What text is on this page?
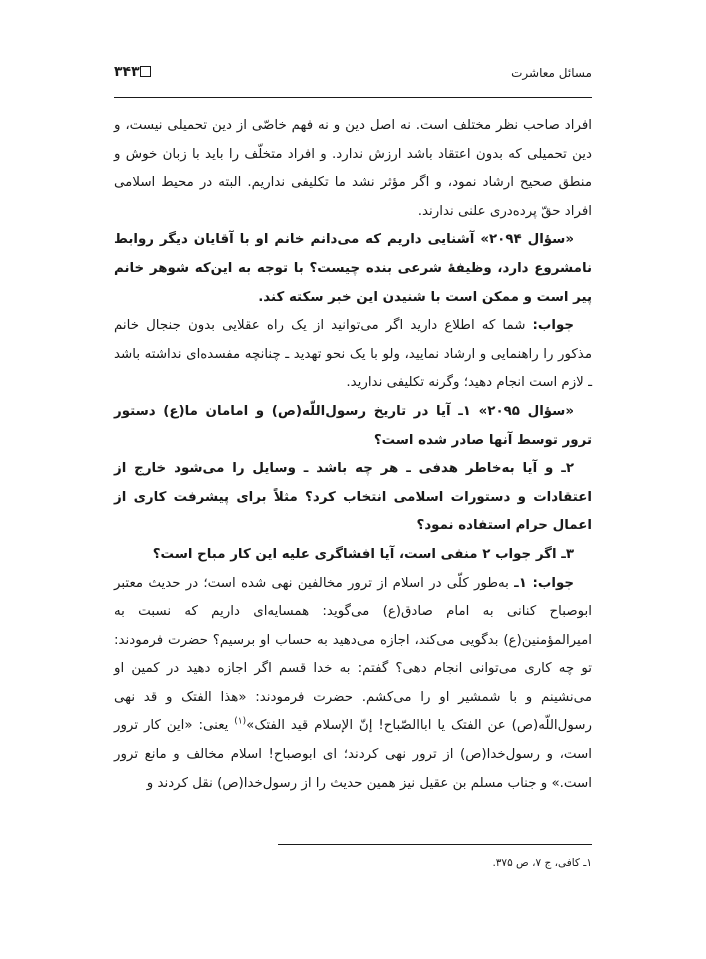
مسائل معاشرت
۳۴۳

افراد صاحب نظر مختلف است. نه اصل دین و نه فهم خاصّی از دین تحمیلی نیست، و دین تحمیلی که بدون اعتقاد باشد ارزش ندارد. و افراد متخلّف را باید با زبان خوش و منطق صحیح ارشاد نمود، و اگر مؤثر نشد ما تکلیفی نداریم. البته در محیط اسلامی افراد حقّ پرده‌دری علنی ندارند.

«سؤال ۲۰۹۴» آشنایی داریم که می‌دانم خانم او با آقایان دیگر روابط نامشروع دارد، وظیفهٔ شرعی بنده چیست؟ با توجه به این‌که شوهر خانم پیر است و ممکن است با شنیدن این خبر سکته کند.

جواب: شما که اطلاع دارید اگر می‌توانید از یک راه عقلایی بدون جنجال خانم مذکور را راهنمایی و ارشاد نمایید، ولو با یک نحو تهدید ـ چنانچه مفسده‌ای نداشته باشد ـ لازم است انجام دهید؛ وگرنه تکلیفی ندارید.

«سؤال ۲۰۹۵» ۱ـ آیا در تاریخ رسول‌اللّه(ص) و امامان ما(ع) دستور ترور توسط آنها صادر شده است؟

۲ـ و آیا به‌خاطر هدفی ـ هر چه باشد ـ وسایل را می‌شود خارج از اعتقادات و دستورات اسلامی انتخاب کرد؟ مثلاً برای پیشرفت کاری از اعمال حرام استفاده نمود؟

۳ـ اگر جواب ۲ منفی است، آیا افشاگری علیه این کار مباح است؟

جواب: ۱ـ به‌طور کلّی در اسلام از ترور مخالفین نهی شده است؛ در حدیث معتبر ابوصباح کنانی به امام صادق(ع) می‌گوید: همسایه‌ای داریم که نسبت به امیرالمؤمنین(ع) بدگویی می‌کند، اجازه می‌دهید به حساب او برسیم؟ حضرت فرمودند: تو چه کاری می‌توانی انجام دهی؟ گفتم: به خدا قسم اگر اجازه دهید در کمین او می‌نشینم و با شمشیر او را می‌کشم. حضرت فرمودند: «هذا الفتک و قد نهی رسول‌اللّه(ص) عن الفتک یا اباالصّباح! إنّ الإسلام قید الفتک»$^{(۱)}$ یعنی: «این کار ترور است، و رسول‌خدا(ص) از ترور نهی کردند؛ ای ابوصباح! اسلام مخالف و مانع ترور است.» و جناب مسلم بن عقیل نیز همین حدیث را از رسول‌خدا(ص) نقل کردند و

۱ـ کافی، ج ۷، ص ۳۷۵.
